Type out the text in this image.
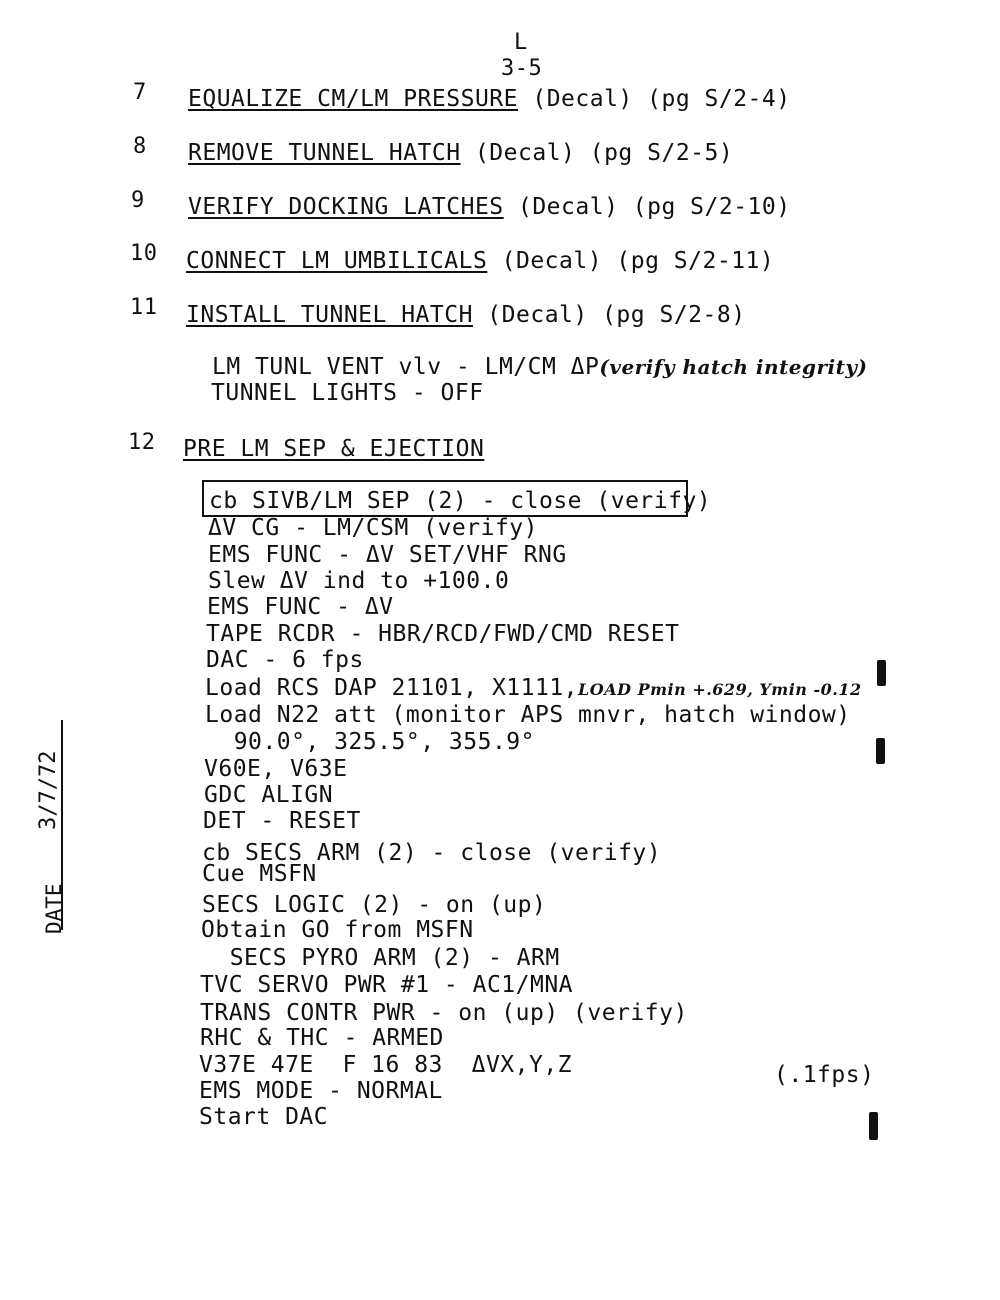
L
3-5
7 EQUALIZE CM/LM PRESSURE (Decal) (pg S/2-4)
8 REMOVE TUNNEL HATCH (Decal) (pg S/2-5)
9 VERIFY DOCKING LATCHES (Decal) (pg S/2-10)
10 CONNECT LM UMBILICALS (Decal) (pg S/2-11)
11 INSTALL TUNNEL HATCH (Decal) (pg S/2-8)
LM TUNL VENT vlv - LM/CM ΔP(verify hatch integrity)
TUNNEL LIGHTS - OFF
12 PRE LM SEP & EJECTION
cb SIVB/LM SEP (2) - close (verify)
ΔV CG - LM/CSM (verify)
EMS FUNC - ΔV SET/VHF RNG
Slew ΔV ind to +100.0
EMS FUNC - ΔV
TAPE RCDR - HBR/RCD/FWD/CMD RESET
DAC - 6 fps
Load RCS DAP 21101, X1111,LOAD Pmin +.629, Ymin -0.12
Load N22 att (monitor APS mnvr, hatch window)
90.0°, 325.5°, 355.9°
V60E, V63E
GDC ALIGN
DET - RESET
cb SECS ARM (2) - close (verify)
Cue MSFN
SECS LOGIC (2) - on (up)
Obtain GO from MSFN
SECS PYRO ARM (2) - ARM
TVC SERVO PWR #1 - AC1/MNA
TRANS CONTR PWR - on (up) (verify)
RHC & THC - ARMED
V37E 47E  F 16 83  ΔVX,Y,Z	(.1fps)
EMS MODE - NORMAL
Start DAC
DATE
3/7/72
